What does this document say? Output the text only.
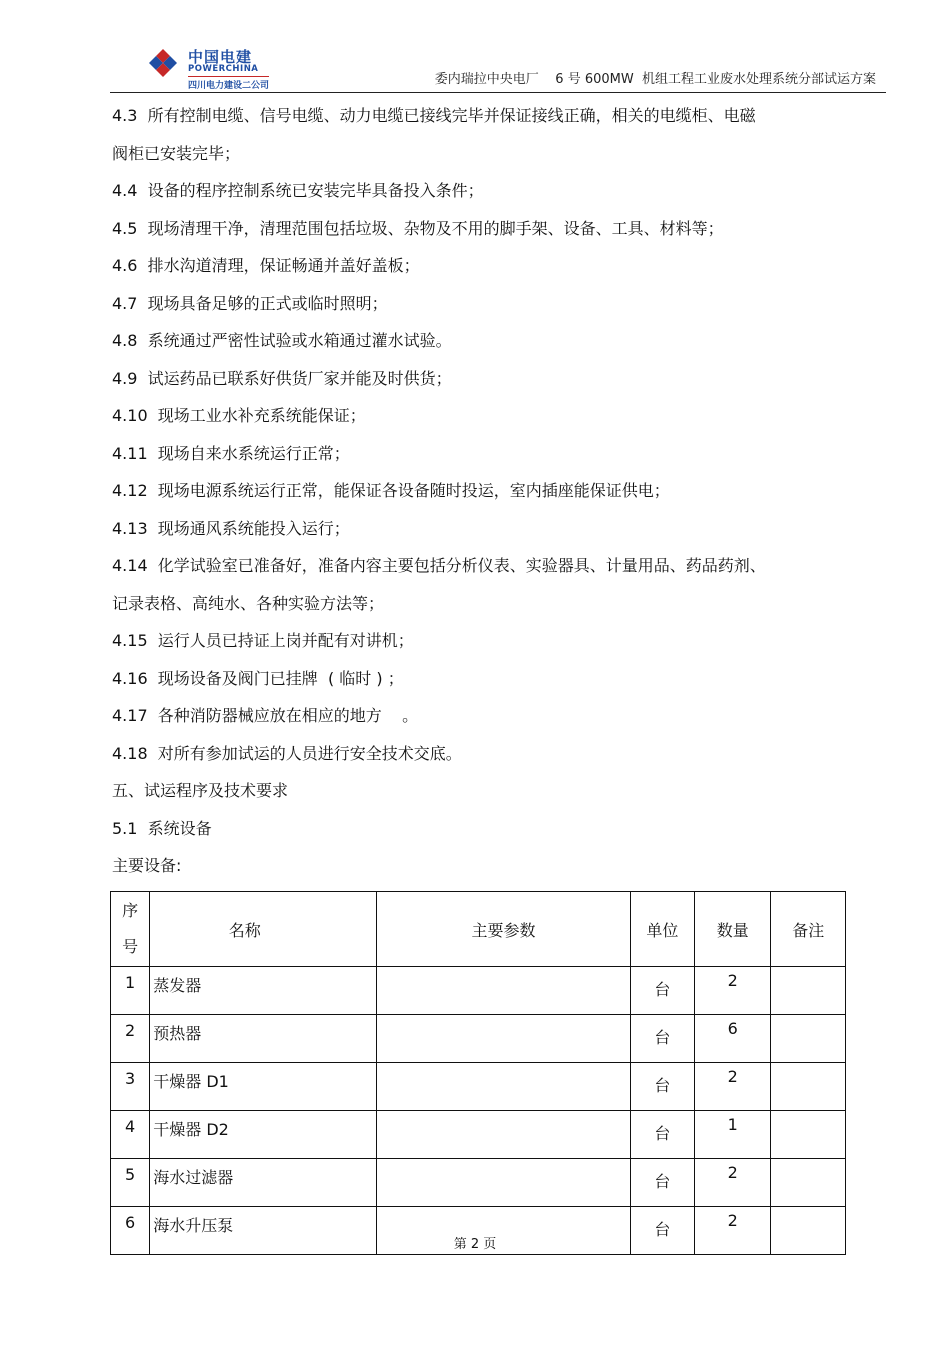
中国电建
POWERCHINA
四川电力建设二公司	委内瑞拉中央电厂    6 号 600MW  机组工程工业废水处理系统分部试运方案
4.3  所有控制电缆、信号电缆、动力电缆已接线完毕并保证接线正确，相关的电缆柜、电磁
阀柜已安装完毕；
4.4  设备的程序控制系统已安装完毕具备投入条件；
4.5  现场清理干净，清理范围包括垃圾、杂物及不用的脚手架、设备、工具、材料等；
4.6  排水沟道清理，保证畅通并盖好盖板；
4.7  现场具备足够的正式或临时照明；
4.8  系统通过严密性试验或水箱通过灌水试验。
4.9  试运药品已联系好供货厂家并能及时供货；
4.10  现场工业水补充系统能保证；
4.11  现场自来水系统运行正常；
4.12  现场电源系统运行正常，能保证各设备随时投运，室内插座能保证供电；
4.13  现场通风系统能投入运行；
4.14  化学试验室已准备好，准备内容主要包括分析仪表、实验器具、计量用品、药品药剂、
记录表格、高纯水、各种实验方法等；
4.15  运行人员已持证上岗并配有对讲机；
4.16  现场设备及阀门已挂牌  ( 临时 ) ；
4.17  各种消防器械应放在相应的地方    。
4.18  对所有参加试运的人员进行安全技术交底。
五、试运程序及技术要求
5.1  系统设备
主要设备:
序
号	名称	主要参数	单位	数量	备注
1	蒸发器		台	2	
2	预热器		台	6	
3	干燥器 D1		台	2	
4	干燥器 D2		台	1	
5	海水过滤器		台	2	
6	海水升压泵		台	2	
第 2 页
